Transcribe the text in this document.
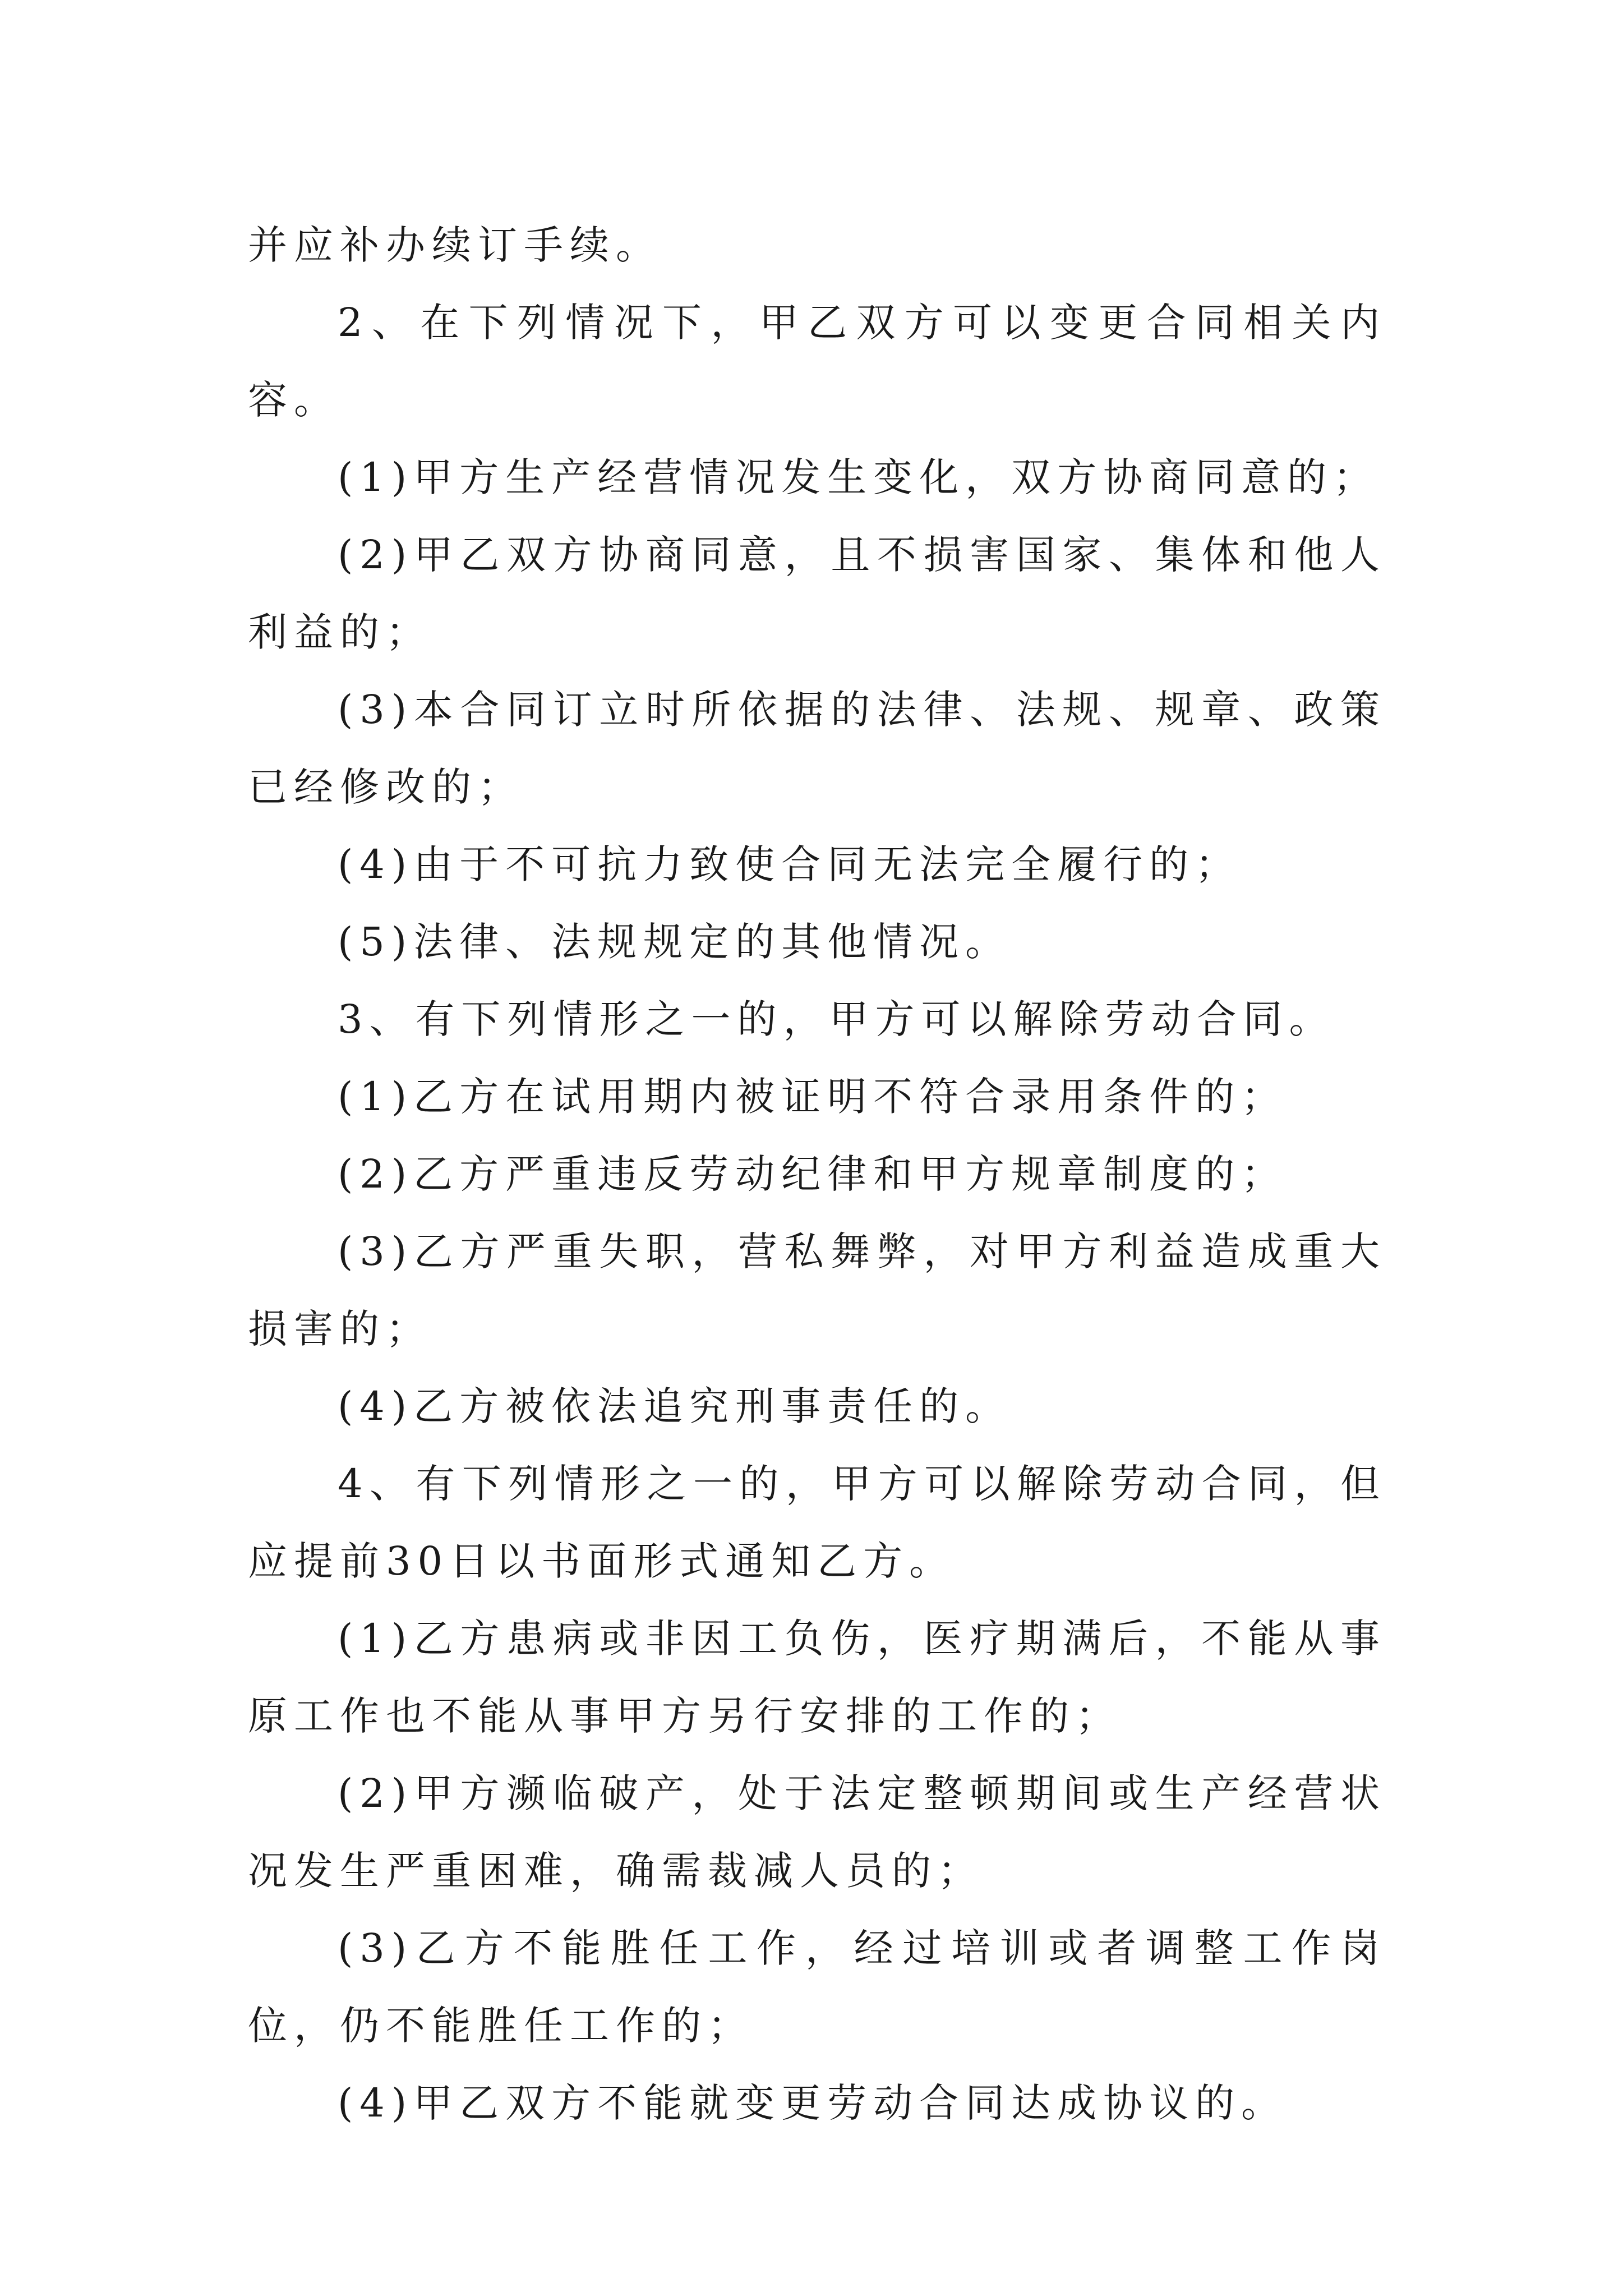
并应补办续订手续。

2、在下列情况下，甲乙双方可以变更合同相关内容。

(1)甲方生产经营情况发生变化，双方协商同意的；

(2)甲乙双方协商同意，且不损害国家、集体和他人利益的；

(3)本合同订立时所依据的法律、法规、规章、政策已经修改的；

(4)由于不可抗力致使合同无法完全履行的；

(5)法律、法规规定的其他情况。

3、有下列情形之一的，甲方可以解除劳动合同。

(1)乙方在试用期内被证明不符合录用条件的；

(2)乙方严重违反劳动纪律和甲方规章制度的；

(3)乙方严重失职，营私舞弊，对甲方利益造成重大损害的；

(4)乙方被依法追究刑事责任的。

4、有下列情形之一的，甲方可以解除劳动合同，但应提前30日以书面形式通知乙方。

(1)乙方患病或非因工负伤，医疗期满后，不能从事原工作也不能从事甲方另行安排的工作的；

(2)甲方濒临破产，处于法定整顿期间或生产经营状况发生严重困难，确需裁减人员的；

(3)乙方不能胜任工作，经过培训或者调整工作岗位，仍不能胜任工作的；

(4)甲乙双方不能就变更劳动合同达成协议的。
